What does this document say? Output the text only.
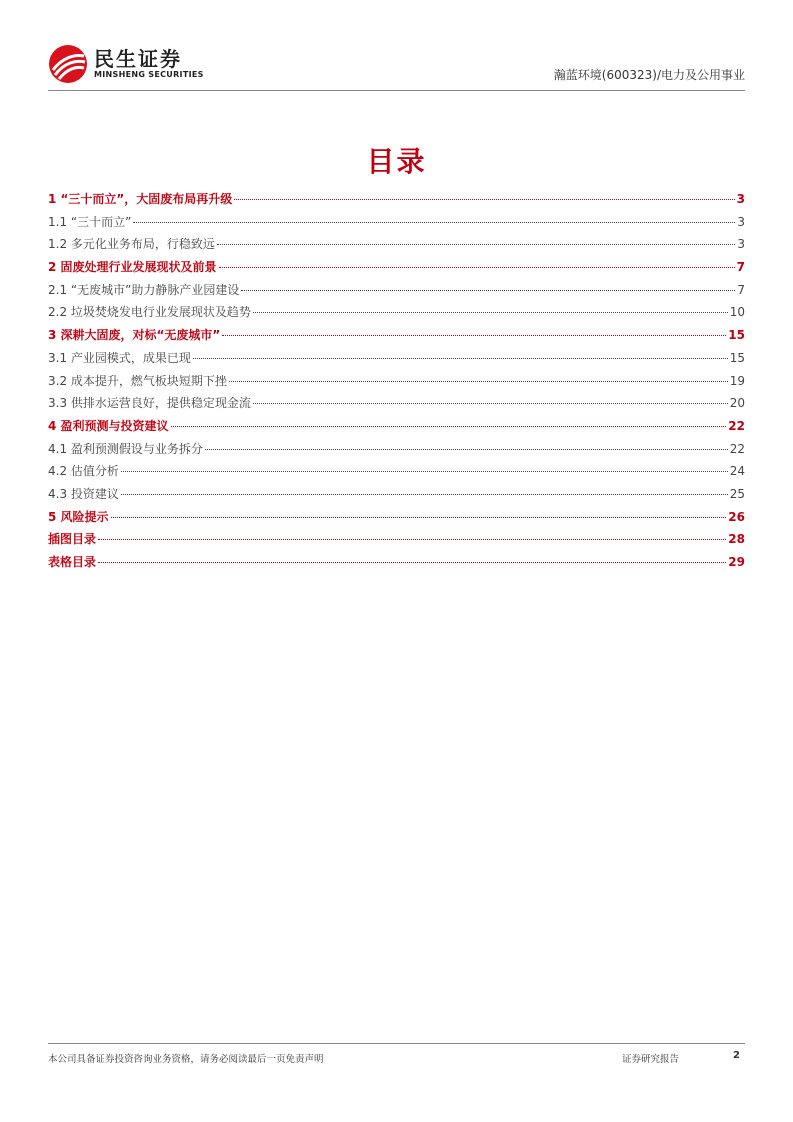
民生证券
MINSHENG SECURITIES	瀚蓝环境(600323)/电力及公用事业
目录
1 “三十而立”，大固废布局再升级	3
1.1 “三十而立”	3
1.2 多元化业务布局，行稳致远	3
2 固废处理行业发展现状及前景	7
2.1 “无废城市”助力静脉产业园建设	7
2.2 垃圾焚烧发电行业发展现状及趋势	10
3 深耕大固废，对标“无废城市”	15
3.1 产业园模式，成果已现	15
3.2 成本提升，燃气板块短期下挫	19
3.3 供排水运营良好，提供稳定现金流	20
4 盈利预测与投资建议	22
4.1 盈利预测假设与业务拆分	22
4.2 估值分析	24
4.3 投资建议	25
5 风险提示	26
插图目录	28
表格目录	29
本公司具备证券投资咨询业务资格，请务必阅读最后一页免责声明	证券研究报告	2
